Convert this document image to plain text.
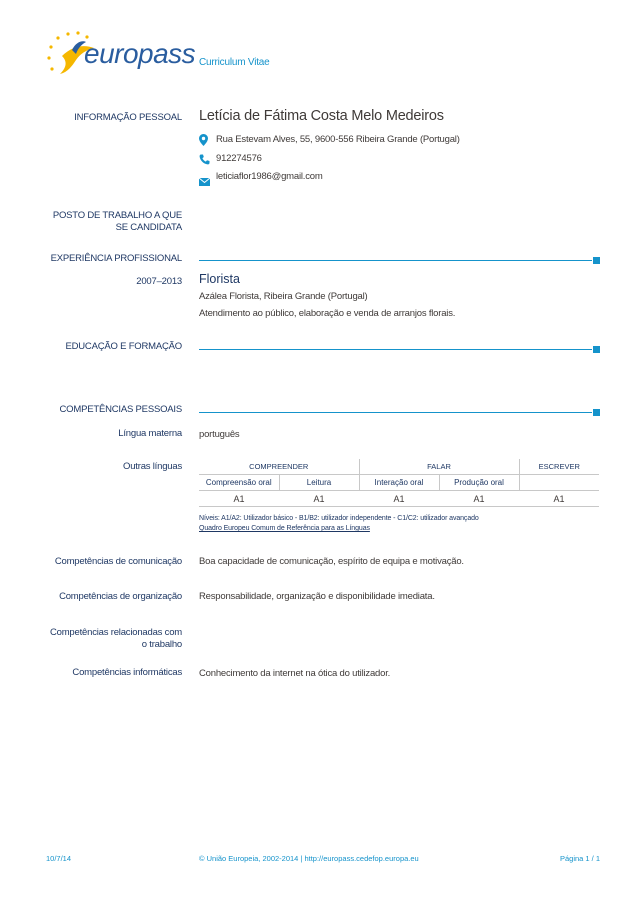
europass Curriculum Vitae
INFORMAÇÃO PESSOAL Letícia de Fátima Costa Melo Medeiros
Rua Estevam Alves, 55, 9600-556 Ribeira Grande (Portugal)
912274576
leticiaflor1986@gmail.com
POSTO DE TRABALHO A QUE
SE CANDIDATA
EXPERIÊNCIA PROFISSIONAL
2007–2013 Florista
Azálea Florista, Ribeira Grande (Portugal)
Atendimento ao público, elaboração e venda de arranjos florais.
EDUCAÇÃO E FORMAÇÃO
COMPETÊNCIAS PESSOAIS
Língua materna português
Outras línguas	COMPREENDER		FALAR		ESCREVER
Compreensão oral	Leitura	Interação oral	Produção oral	
A1	A1	A1	A1	A1
Níveis: A1/A2: Utilizador básico - B1/B2: utilizador independente - C1/C2: utilizador avançado
Quadro Europeu Comum de Referência para as Línguas
Competências de comunicação Boa capacidade de comunicação, espírito de equipa e motivação.
Competências de organização Responsabilidade, organização e disponibilidade imediata.
Competências relacionadas com
o trabalho
Competências informáticas Conhecimento da internet na ótica do utilizador.
10/7/14	© União Europeia, 2002-2014 | http://europass.cedefop.europa.eu	Página 1 / 1
